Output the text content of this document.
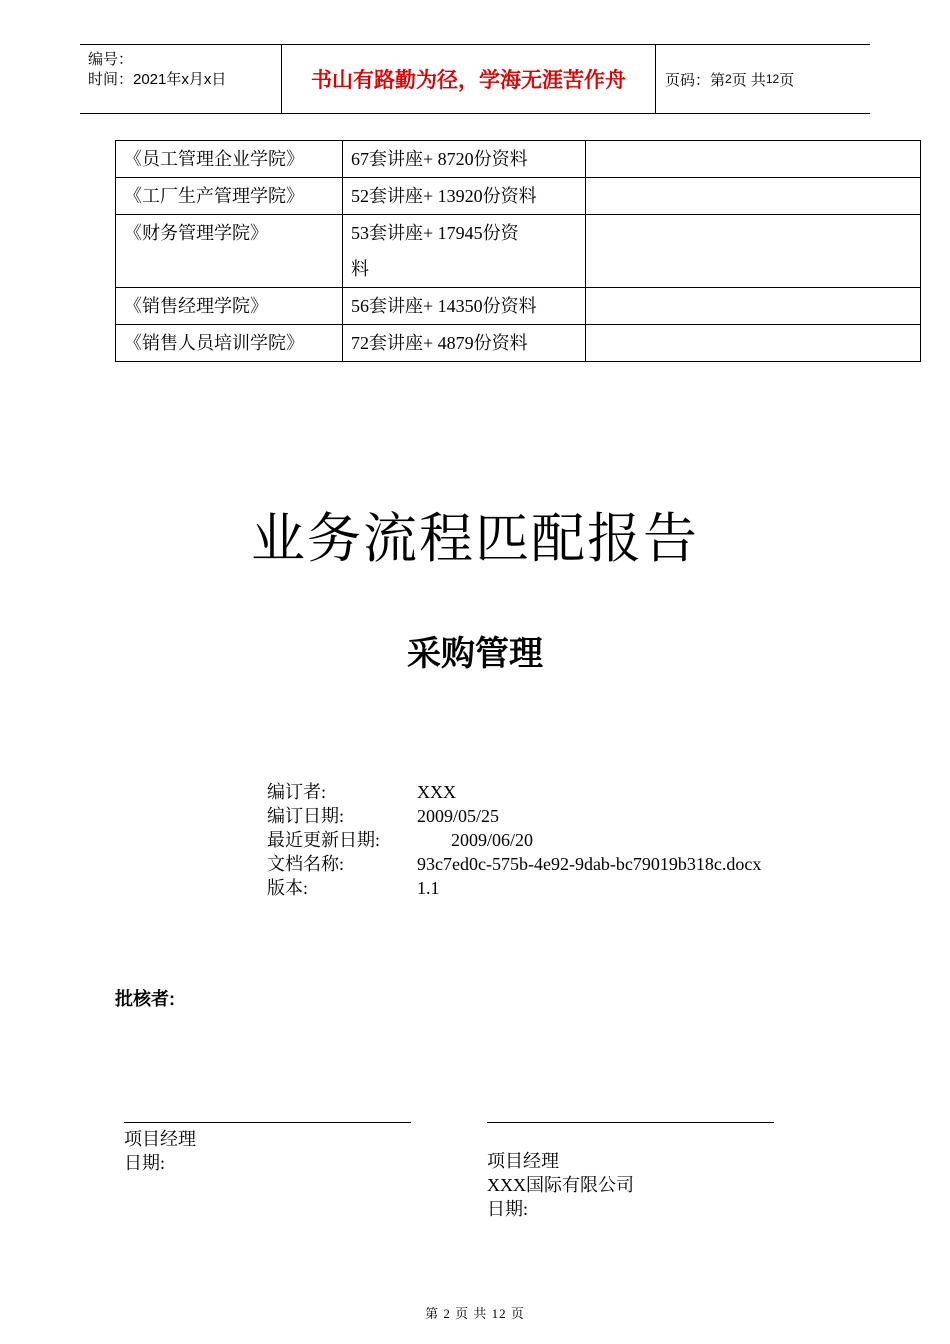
编号：
时间：2021年x月x日	书山有路勤为径，学海无涯苦作舟	页码：第 2 页 共 12 页
《员工管理企业学院》	67套讲座+ 8720份资料	
《工厂生产管理学院》	52套讲座+ 13920份资料	
《财务管理学院》	53套讲座+ 17945份资
料	

《销售经理学院》	56套讲座+ 14350份资料	
《销售人员培训学院》	72套讲座+ 4879份资料	
业务流程匹配报告
采购管理
编订者:	XXX
编订日期:	2009/05/25
最近更新日期:	2009/06/20
文档名称:	93c7ed0c-575b-4e92-9dab-bc79019b318c.docx
版本:	1.1
批核者:
项目经理
日期:	项目经理
XXX国际有限公司
日期:
第 2 页 共 12 页
